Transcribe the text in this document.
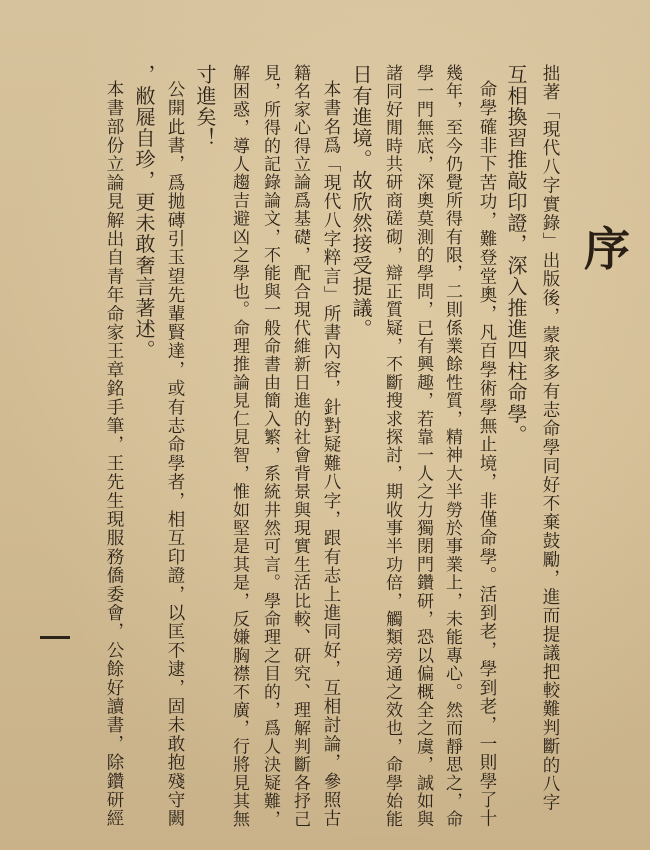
序
拙著「現代八字實錄」出版後，蒙衆多有志命學同好不棄鼓勵，進而提議把較難判斷的八字
互相換習推敲印證，深入推進四柱命學。
命學確非下苦功，難登堂奧，凡百學術學無止境，非僅命學。活到老，學到老，一則學了十
幾年，至今仍覺所得有限，二則係業餘性質，精神大半勞於事業上，未能專心。然而靜思之，命
學一門無底，深奧莫測的學問，已有興趣，若靠一人之力獨閉門鑽研，恐以偏概全之虞，誠如與
諸同好閒時共研商磋砌，辯正質疑，不斷搜求探討，期收事半功倍，觸類旁通之效也，命學始能
日有進境。故欣然接受提議。
本書名爲「現代八字粹言」所書內容，針對疑難八字，跟有志上進同好，互相討論，參照古
籍名家心得立論爲基礎，配合現代維新日進的社會背景與現實生活比較、研究、理解判斷各抒己
見，所得的記錄論文，不能與一般命書由簡入繁，系統井然可言。學命理之目的，爲人決疑難，
解困惑，導人趨吉避凶之學也。命理推論見仁見智，惟如堅是其是，反嫌胸襟不廣，行將見其無
寸進矣！
公開此書，爲拋磚引玉望先輩賢達，或有志命學者，相互印證，以匡不逮，固未敢抱殘守闕
，敝屣自珍，更未敢奢言著述。
本書部份立論見解出自青年命家王章銘手筆，王先生現服務僑委會，公餘好讀書，除鑽研經
